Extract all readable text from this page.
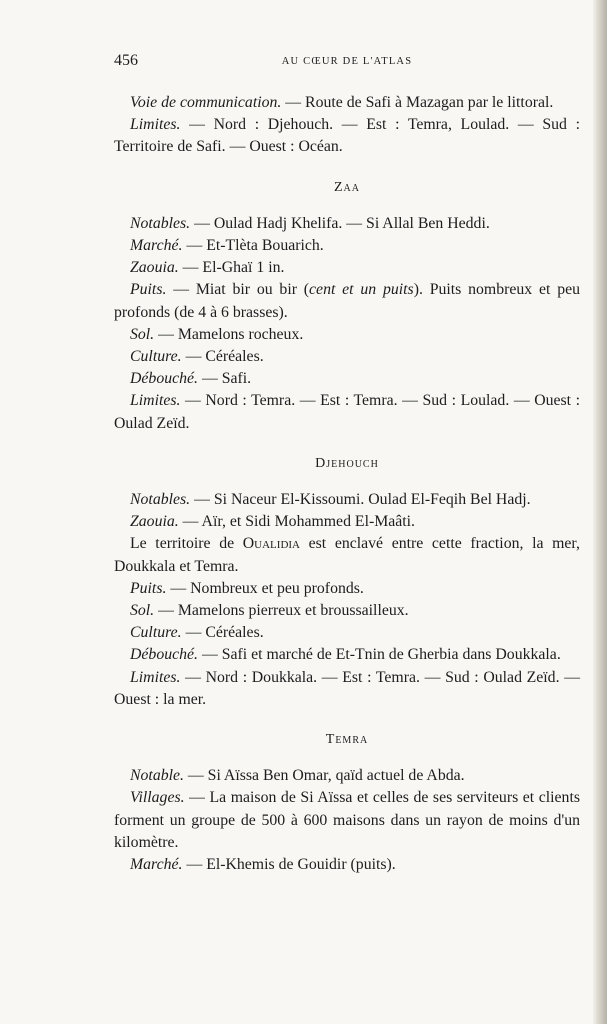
456	AU CŒUR DE L'ATLAS

Voie de communication. — Route de Safi à Mazagan par le littoral.

Limites. — Nord : Djehouch. — Est : Temra, Loulad. — Sud : Territoire de Safi. — Ouest : Océan.

Zaa

Notables. — Oulad Hadj Khelifa. — Si Allal Ben Heddi.

Marché. — Et-Tlèta Bouarich.

Zaouia. — El-Ghaï 1 in.

Puits. — Miat bir ou bir (cent et un puits). Puits nombreux et peu profonds (de 4 à 6 brasses).

Sol. — Mamelons rocheux.

Culture. — Céréales.

Débouché. — Safi.

Limites. — Nord : Temra. — Est : Temra. — Sud : Loulad. — Ouest : Oulad Zeïd.

Djehouch

Notables. — Si Naceur El-Kissoumi. Oulad El-Feqih Bel Hadj.

Zaouia. — Aïr, et Sidi Mohammed El-Maâti.

Le territoire de Oualidia est enclavé entre cette fraction, la mer, Doukkala et Temra.

Puits. — Nombreux et peu profonds.

Sol. — Mamelons pierreux et broussailleux.

Culture. — Céréales.

Débouché. — Safi et marché de Et-Tnin de Gherbia dans Doukkala.

Limites. — Nord : Doukkala. — Est : Temra. — Sud : Oulad Zeïd. — Ouest : la mer.

Temra

Notable. — Si Aïssa Ben Omar, qaïd actuel de Abda.

Villages. — La maison de Si Aïssa et celles de ses serviteurs et clients forment un groupe de 500 à 600 maisons dans un rayon de moins d'un kilomètre.

Marché. — El-Khemis de Gouidir (puits).
